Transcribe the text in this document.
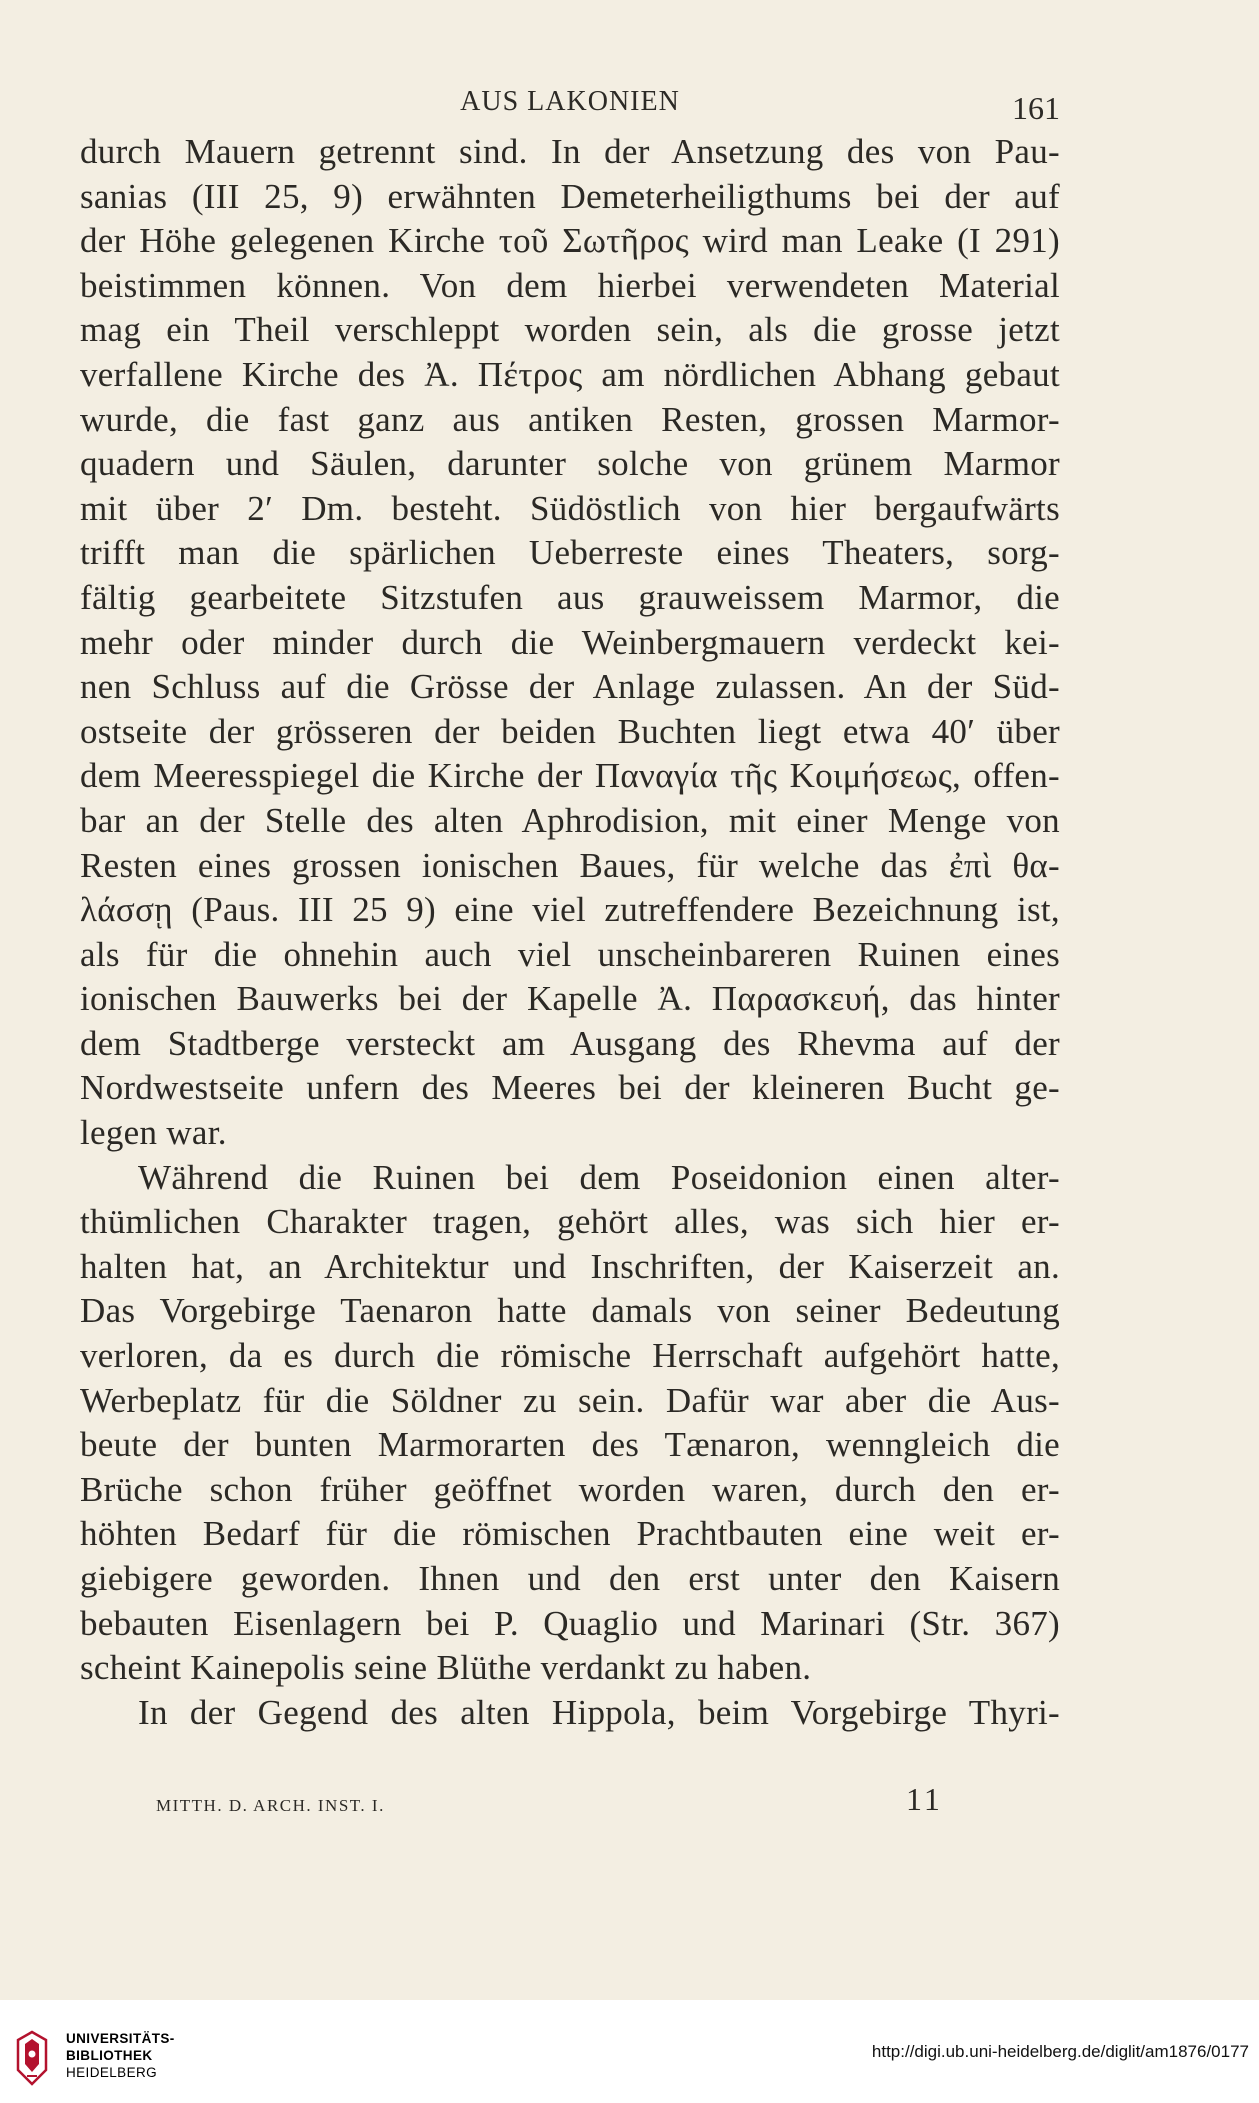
AUS LAKONIEN	161
durch Mauern getrennt sind. In der Ansetzung des von Pau-
sanias (III 25, 9) erwähnten Demeterheiligthums bei der auf
der Höhe gelegenen Kirche τοῦ Σωτῆρος wird man Leake (I 291)
beistimmen können. Von dem hierbei verwendeten Material
mag ein Theil verschleppt worden sein, als die grosse jetzt
verfallene Kirche des Ἀ. Πέτρος am nördlichen Abhang gebaut
wurde, die fast ganz aus antiken Resten, grossen Marmor-
quadern und Säulen, darunter solche von grünem Marmor
mit über 2′ Dm. besteht. Südöstlich von hier bergaufwärts
trifft man die spärlichen Ueberreste eines Theaters, sorg-
fältig gearbeitete Sitzstufen aus grauweissem Marmor, die
mehr oder minder durch die Weinbergmauern verdeckt kei-
nen Schluss auf die Grösse der Anlage zulassen. An der Süd-
ostseite der grösseren der beiden Buchten liegt etwa 40′ über
dem Meeresspiegel die Kirche der Παναγία τῆς Κοιμήσεως, offen-
bar an der Stelle des alten Aphrodision, mit einer Menge von
Resten eines grossen ionischen Baues, für welche das ἐπὶ θα-
λάσσῃ (Paus. III 25 9) eine viel zutreffendere Bezeichnung ist,
als für die ohnehin auch viel unscheinbareren Ruinen eines
ionischen Bauwerks bei der Kapelle Ἀ. Παρασκευή, das hinter
dem Stadtberge versteckt am Ausgang des Rhevma auf der
Nordwestseite unfern des Meeres bei der kleineren Bucht ge-
legen war.
Während die Ruinen bei dem Poseidonion einen alter-
thümlichen Charakter tragen, gehört alles, was sich hier er-
halten hat, an Architektur und Inschriften, der Kaiserzeit an.
Das Vorgebirge Taenaron hatte damals von seiner Bedeutung
verloren, da es durch die römische Herrschaft aufgehört hatte,
Werbeplatz für die Söldner zu sein. Dafür war aber die Aus-
beute der bunten Marmorarten des Tænaron, wenngleich die
Brüche schon früher geöffnet worden waren, durch den er-
höhten Bedarf für die römischen Prachtbauten eine weit er-
giebigere geworden. Ihnen und den erst unter den Kaisern
bebauten Eisenlagern bei P. Quaglio und Marinari (Str. 367)
scheint Kainepolis seine Blüthe verdankt zu haben.
In der Gegend des alten Hippola, beim Vorgebirge Thyri-
MITTH. D. ARCH. INST. I.	11
UNIVERSITÄTS-
BIBLIOTHEK
HEIDELBERG
http://digi.ub.uni-heidelberg.de/diglit/am1876/0177
